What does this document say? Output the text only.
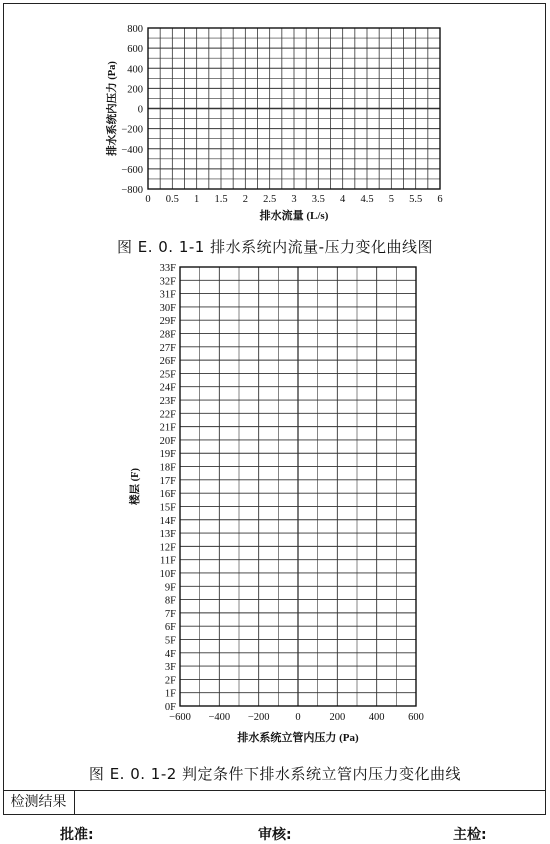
0 0.5 1 1.5 2 2.5 3 3.5 4 4.5 5 5.5 6
800
600
400
200
0
−200
−400
−600
−800
排水流量 (L/s)
排水系统内压力 (Pa)
图 E. 0. 1-1 排水系统内流量-压力变化曲线图
33F
32F
31F
30F
29F
28F
27F
26F
25F
24F
23F
22F
21F
20F
19F
18F
17F
16F
15F
14F
13F
12F
11F
10F
9F
8F
7F
6F
5F
4F
3F
2F
1F
0F
−600 −400 −200 0	200 400 600
排水系统立管内压力 (Pa)
楼层 (F)
图 E. 0. 1-2 判定条件下排水系统立管内压力变化曲线
检测结果
批准:	审核:	主检:
